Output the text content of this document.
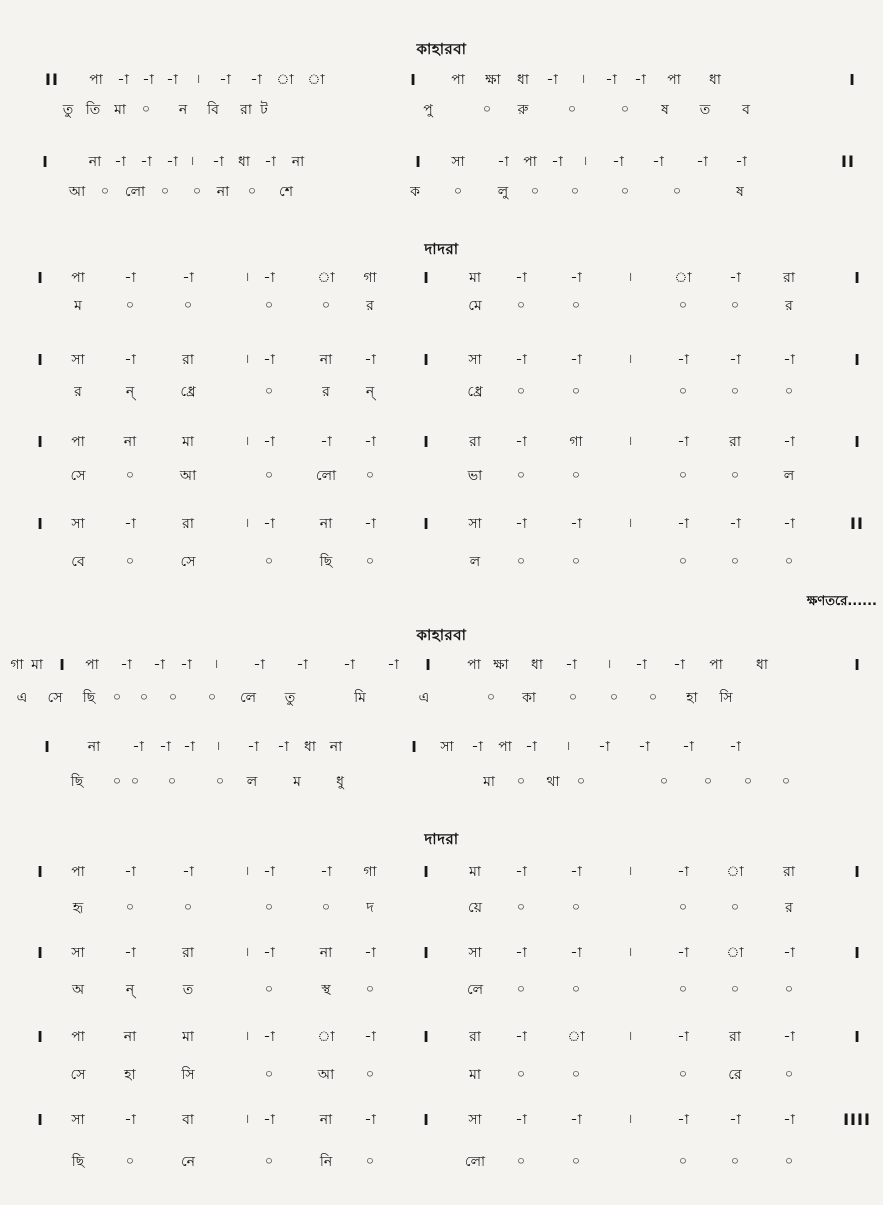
ক্ষণতরে......
কাহারবা
II পা -া -া -া । -া -া া া	I	পা ক্ষা ধা -া । -া -া পা ধা	I
তু তি মা ০ ন বি রা ট	পু	০ রু	০	০ ষ ত ব
I	না -া -া -া । -া ধা -া না	I সা -া পা -া । -া -া -া -া	II
আ ০ লো ০ ০ না ০ শে	ক	০	লু ০ ০	০	০	ষ
দাদরা
I পা	-া	-া	। -া	া গা	I	মা -া	-া	।	া	-া	রা	I
ম	০	০	০	০	র	মে	০	০	০	০	র
I সা	-া	রা	। -া	না -া	I	সা -া	-া	।	-া	-া	-া	I
র	ন্	ধ্রে	০	র	ন্	ধ্রে	০	০	০	০	০
I পা	না	মা	। -া	-া -া	I	রা -া	গা	।	-া	রা	-া	I
সে	০	আ	০	লো ০	ভা	০	০	০	০	ল
I সা	-া	রা	। -া	না -া	I	সা -া	-া	।	-া	-া	-া	II
বে	০	সে	০	ছি	০	ল	০	০	০	০	০
কাহারবা
গা মা I পা -া -া -া । -া -া	-া -া I	পা ক্ষা ধা -া । -া -া পা ধা	I
এ সে ছি ০ ০ ০ ০ লে তু	মি	এ	০ কা	০	০ ০ হা সি
I	না -া -া -া । -া -া ধা না	I সা -া পা -া । -া -া -া	-া
ছি ০ ০ ০	০ ল	ম	ধু	মা ০ থা ০	০	০ ০ ০
দাদরা
I পা	-া	-া	। -া	-া গা	I	মা -া	-া	।	-া	া	রা	I
হৃ	০	০	০	০	দ	য়ে	০	০	০	০	র
I সা	-া	রা	। -া	না -া	I	সা -া	-া	।	-া	া	-া	I
অ	ন্	ত	০	স্থ	০	লে	০	০	০	০	০
I পা	না	মা	। -া	া -া	I	রা -া	া	।	-া	রা	-া	I
সে	হা	সি	০	আ ০	মা	০	০	০	রে	০
I সা	-া	বা	। -া	না -া	I	সা -া	-া	।	-া	-া	-া	IIII
ছি	০	নে	০	নি	০	লো ০	০	০	০	০
